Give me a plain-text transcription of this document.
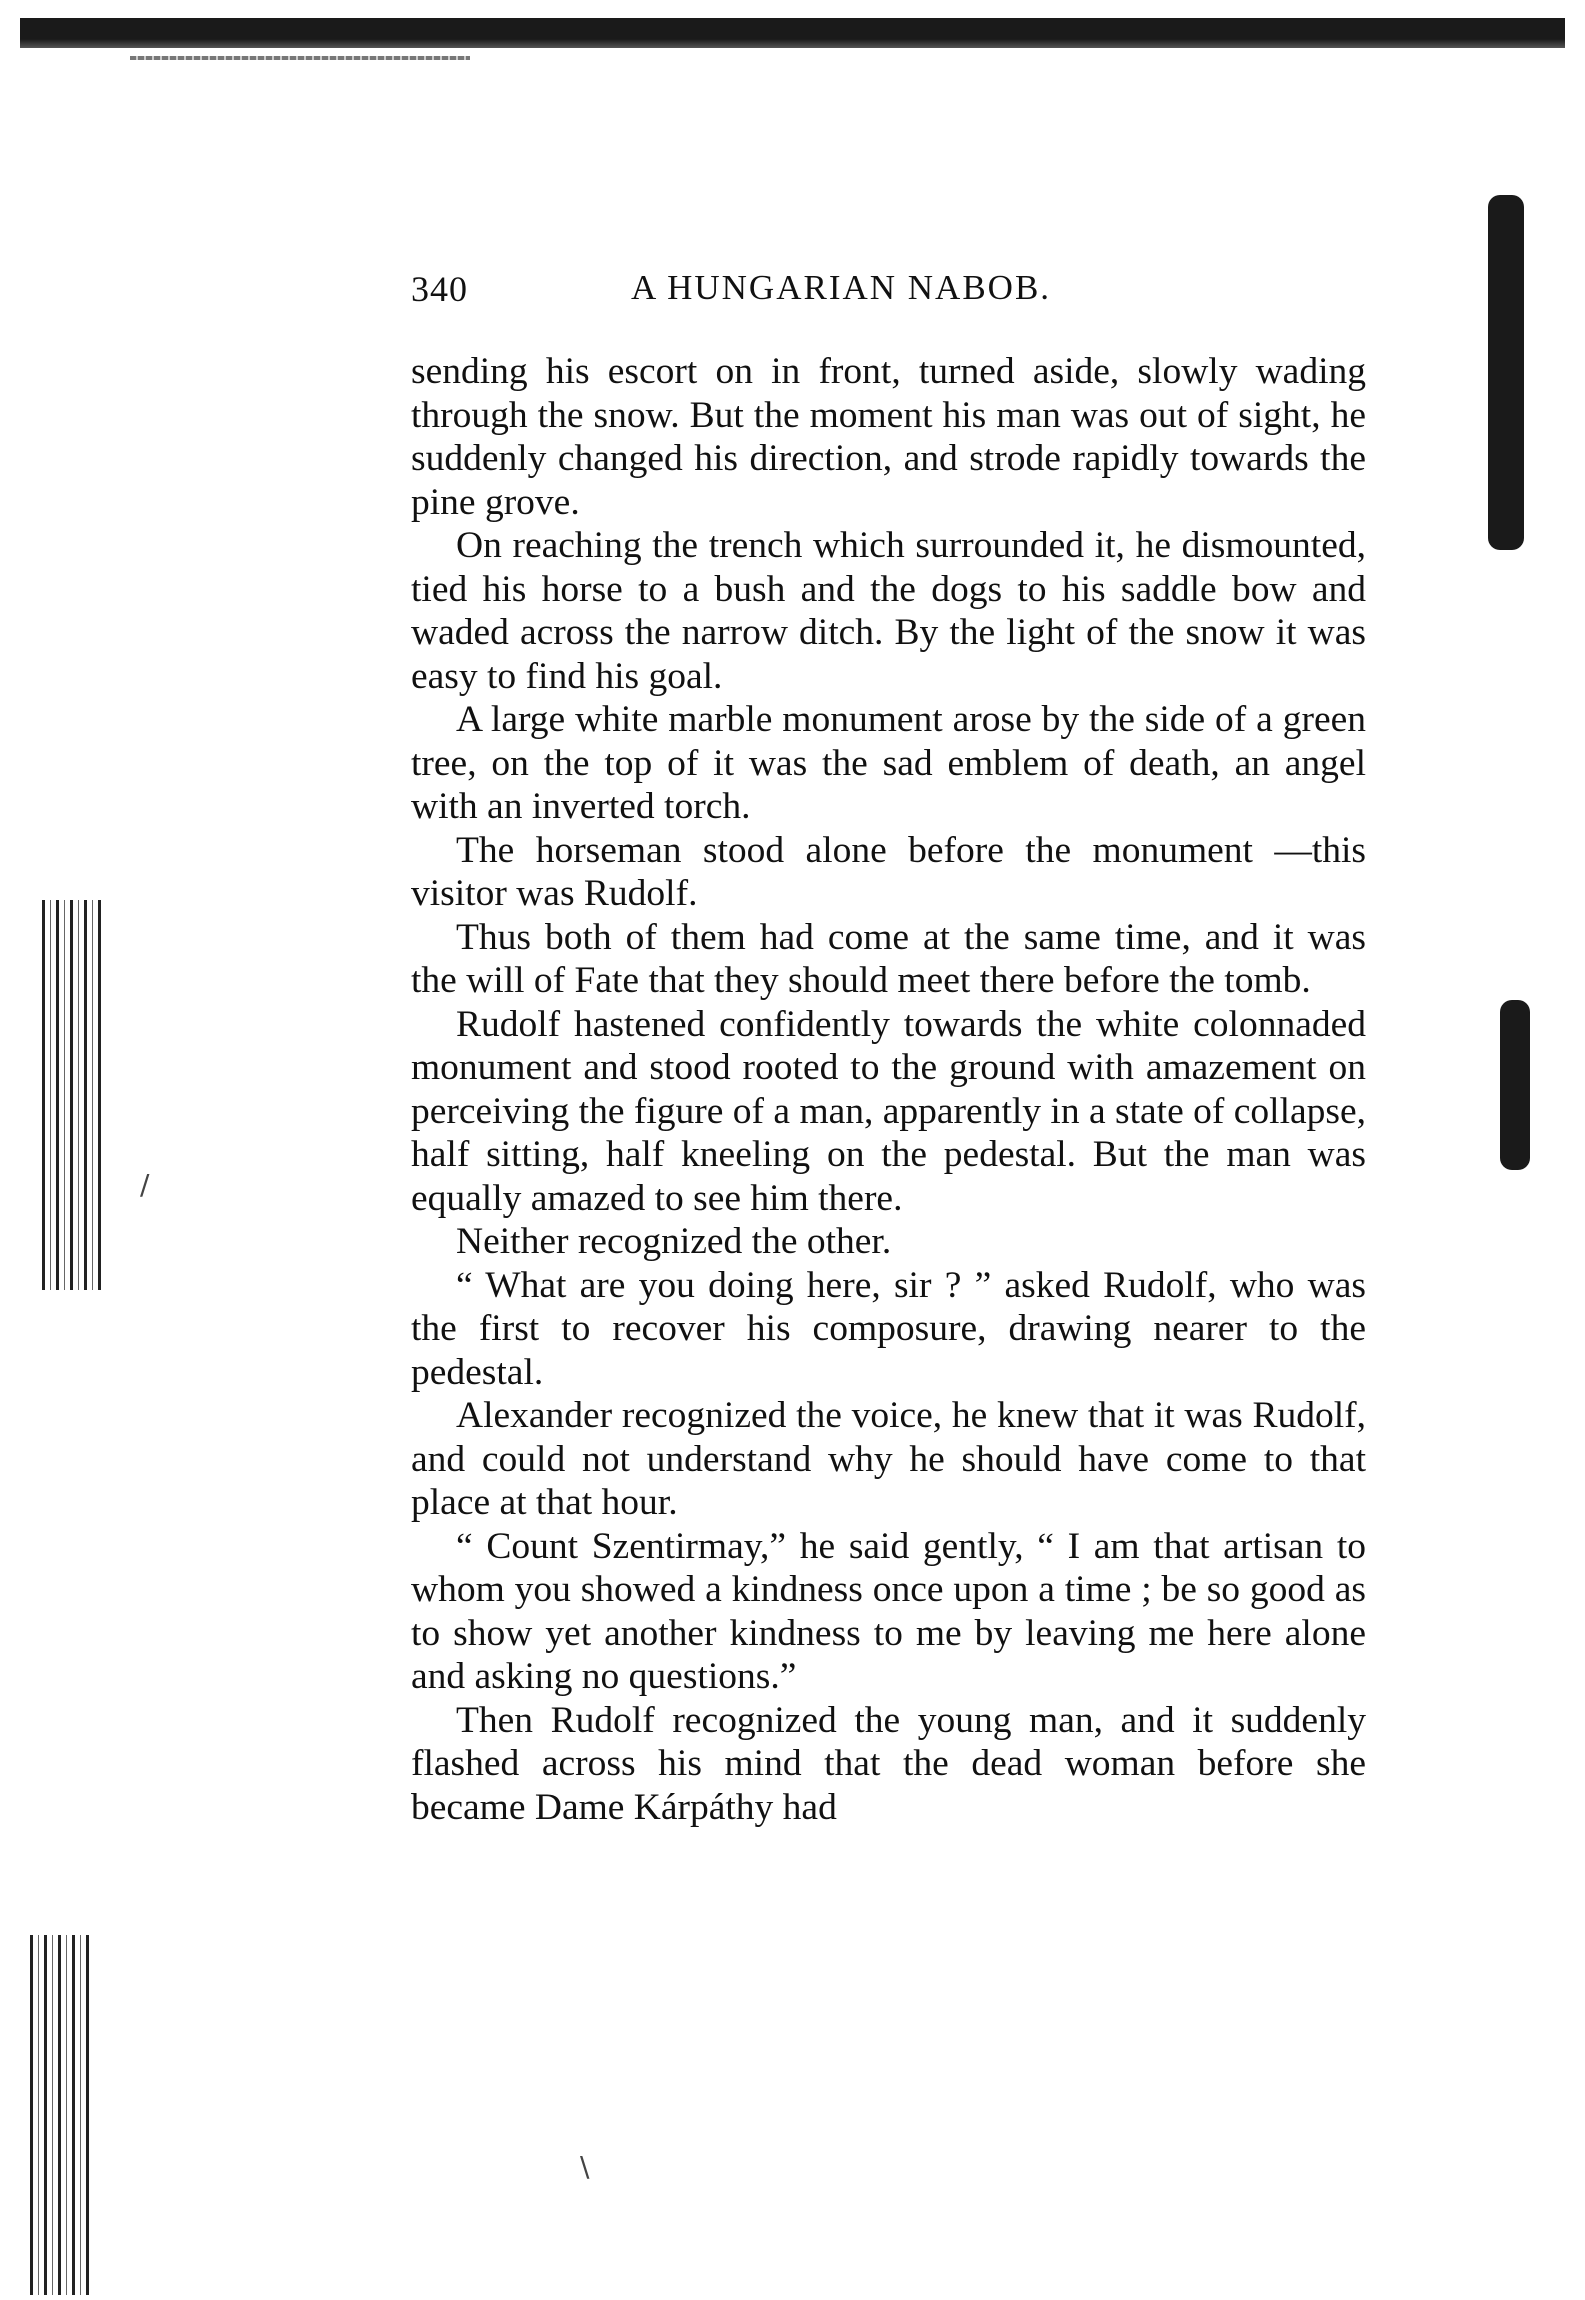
/
\
340	A HUNGARIAN NABOB.

sending his escort on in front, turned aside, slowly wading through the snow. But the moment his man was out of sight, he suddenly changed his direction, and strode rapidly towards the pine grove.

On reaching the trench which surrounded it, he dismounted, tied his horse to a bush and the dogs to his saddle bow and waded across the narrow ditch. By the light of the snow it was easy to find his goal.

A large white marble monument arose by the side of a green tree, on the top of it was the sad emblem of death, an angel with an inverted torch.

The horseman stood alone before the monument —this visitor was Rudolf.

Thus both of them had come at the same time, and it was the will of Fate that they should meet there before the tomb.

Rudolf hastened confidently towards the white colonnaded monument and stood rooted to the ground with amazement on perceiving the figure of a man, apparently in a state of collapse, half sitting, half kneeling on the pedestal. But the man was equally amazed to see him there.

Neither recognized the other.

“ What are you doing here, sir ? ” asked Rudolf, who was the first to recover his composure, drawing nearer to the pedestal.

Alexander recognized the voice, he knew that it was Rudolf, and could not understand why he should have come to that place at that hour.

“ Count Szentirmay,” he said gently, “ I am that artisan to whom you showed a kindness once upon a time ; be so good as to show yet another kindness to me by leaving me here alone and asking no questions.”

Then Rudolf recognized the young man, and it suddenly flashed across his mind that the dead woman before she became Dame Kárpáthy had
